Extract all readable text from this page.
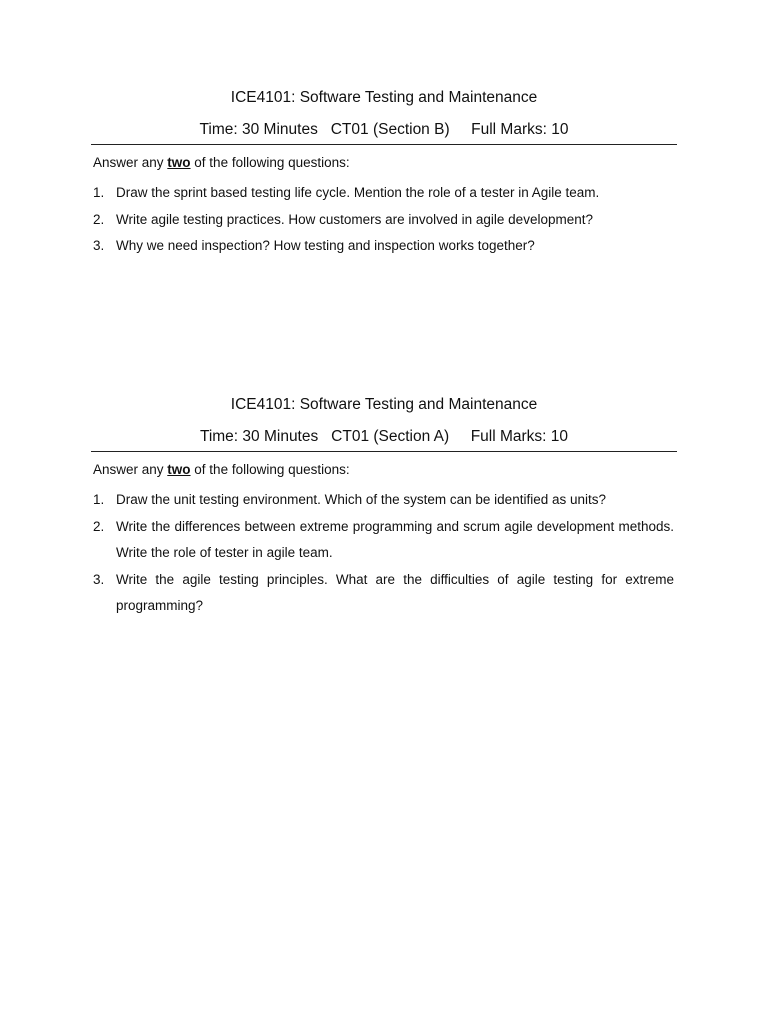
ICE4101: Software Testing and Maintenance
Time: 30 Minutes   CT01 (Section B)     Full Marks: 10
Answer any two of the following questions:
1. Draw the sprint based testing life cycle. Mention the role of a tester in Agile team.
2. Write agile testing practices. How customers are involved in agile development?
3. Why we need inspection? How testing and inspection works together?
ICE4101: Software Testing and Maintenance
Time: 30 Minutes   CT01 (Section A)     Full Marks: 10
Answer any two of the following questions:
1. Draw the unit testing environment. Which of the system can be identified as units?
2. Write the differences between extreme programming and scrum agile development methods. Write the role of tester in agile team.
3. Write the agile testing principles. What are the difficulties of agile testing for extreme programming?
